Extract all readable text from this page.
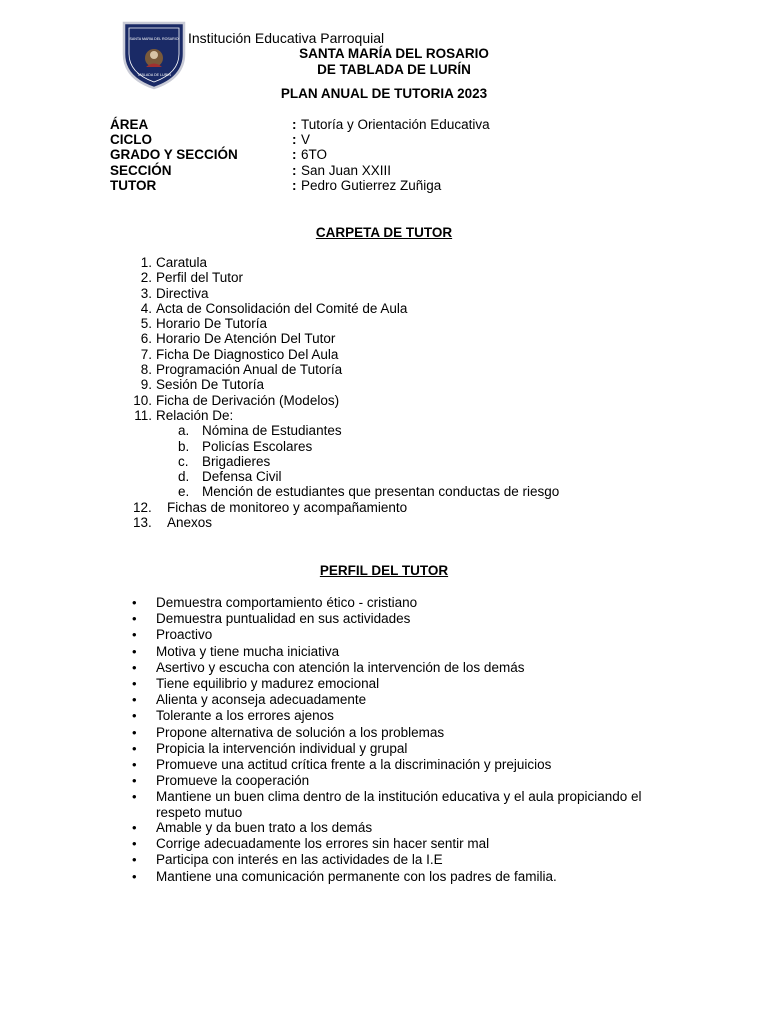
SANTA MARIA DEL ROSARIO
TABLADA DE LURIN
Institución Educativa Parroquial
SANTA MARÍA DEL ROSARIO
DE TABLADA DE LURÍN
PLAN ANUAL DE TUTORIA 2023
ÁREA	: Tutoría y Orientación Educativa
CICLO	: V
GRADO Y SECCIÓN	: 6TO
SECCIÓN	: San Juan XXIII
TUTOR	: Pedro Gutierrez Zuñiga
CARPETA DE TUTOR
1. Caratula
2. Perfil del Tutor
3. Directiva
4. Acta de Consolidación del Comité de Aula
5. Horario De Tutoría
6. Horario De Atención Del Tutor
7. Ficha De Diagnostico Del Aula
8. Programación Anual de Tutoría
9. Sesión De Tutoría
10. Ficha de Derivación (Modelos)
11. Relación De:
a. Nómina de Estudiantes
b. Policías Escolares
c. Brigadieres
d. Defensa Civil
e. Mención de estudiantes que presentan conductas de riesgo
12. Fichas de monitoreo y acompañamiento
13. Anexos
PERFIL DEL TUTOR
• Demuestra comportamiento ético - cristiano
• Demuestra puntualidad en sus actividades
• Proactivo
• Motiva y tiene mucha iniciativa
• Asertivo y escucha con atención la intervención de los demás
• Tiene equilibrio y madurez emocional
• Alienta y aconseja adecuadamente
• Tolerante a los errores ajenos
• Propone alternativa de solución a los problemas
• Propicia la intervención individual y grupal
• Promueve una actitud crítica frente a la discriminación y prejuicios
• Promueve la cooperación
• Mantiene un buen clima dentro de la institución educativa y el aula propiciando el respeto mutuo
• Amable y da buen trato a los demás
• Corrige adecuadamente los errores sin hacer sentir mal
• Participa con interés en las actividades de la I.E
• Mantiene una comunicación permanente con los padres de familia.
